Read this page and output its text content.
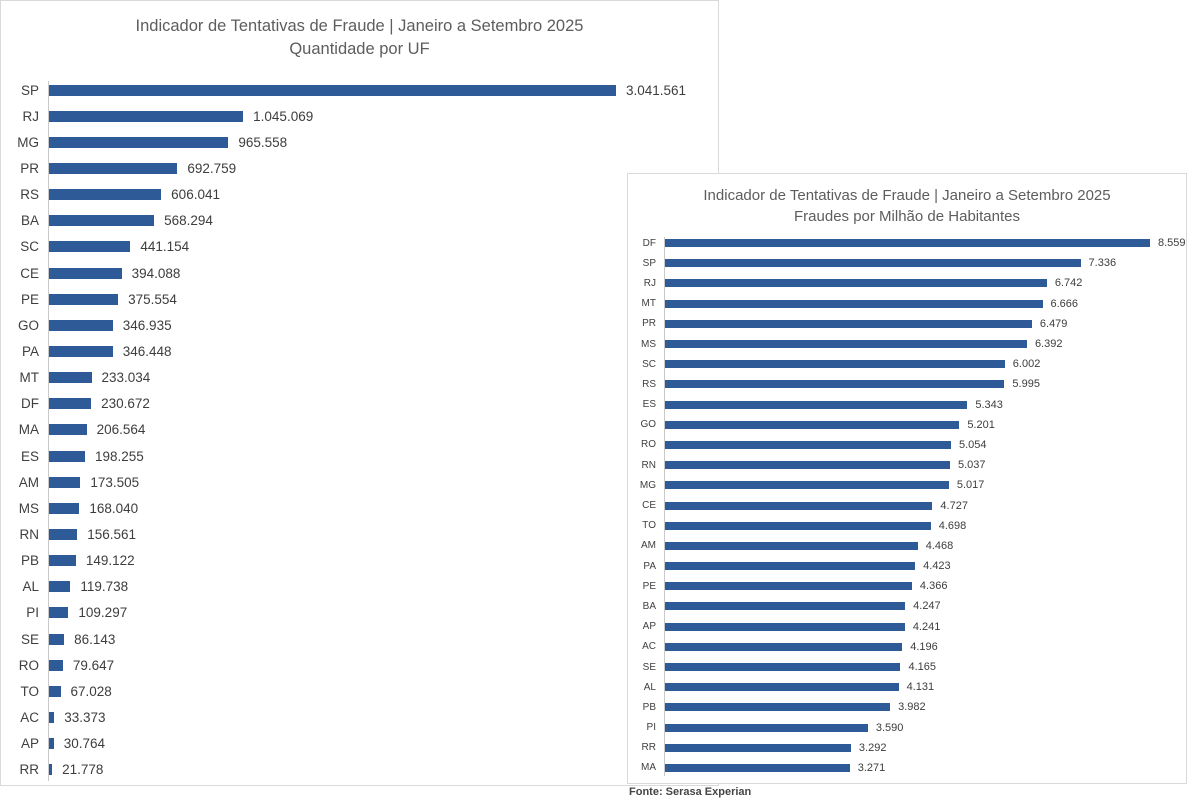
Indicador de Tentativas de Fraude | Janeiro a Setembro 2025
Quantidade por UF
SP	3.041.561
RJ	1.045.069
MG	965.558
PR	692.759
RS	606.041
BA	568.294
SC	441.154
CE	394.088
PE	375.554
GO	346.935
PA	346.448
MT	233.034
DF	230.672
MA	206.564
ES	198.255
AM	173.505
MS	168.040
RN	156.561
PB	149.122
AL	119.738
PI	109.297
SE	86.143
RO	79.647
TO	67.028
AC	33.373
AP	30.764
RR	21.778
Indicador de Tentativas de Fraude | Janeiro a Setembro 2025
Fraudes por Milhão de Habitantes
DF	8.559
SP	7.336
RJ	6.742
MT	6.666
PR	6.479
MS	6.392
SC	6.002
RS	5.995
ES	5.343
GO	5.201
RO	5.054
RN	5.037
MG	5.017
CE	4.727
TO	4.698
AM	4.468
PA	4.423
PE	4.366
BA	4.247
AP	4.241
AC	4.196
SE	4.165
AL	4.131
PB	3.982
PI	3.590
RR	3.292
MA	3.271
Fonte: Serasa Experian
